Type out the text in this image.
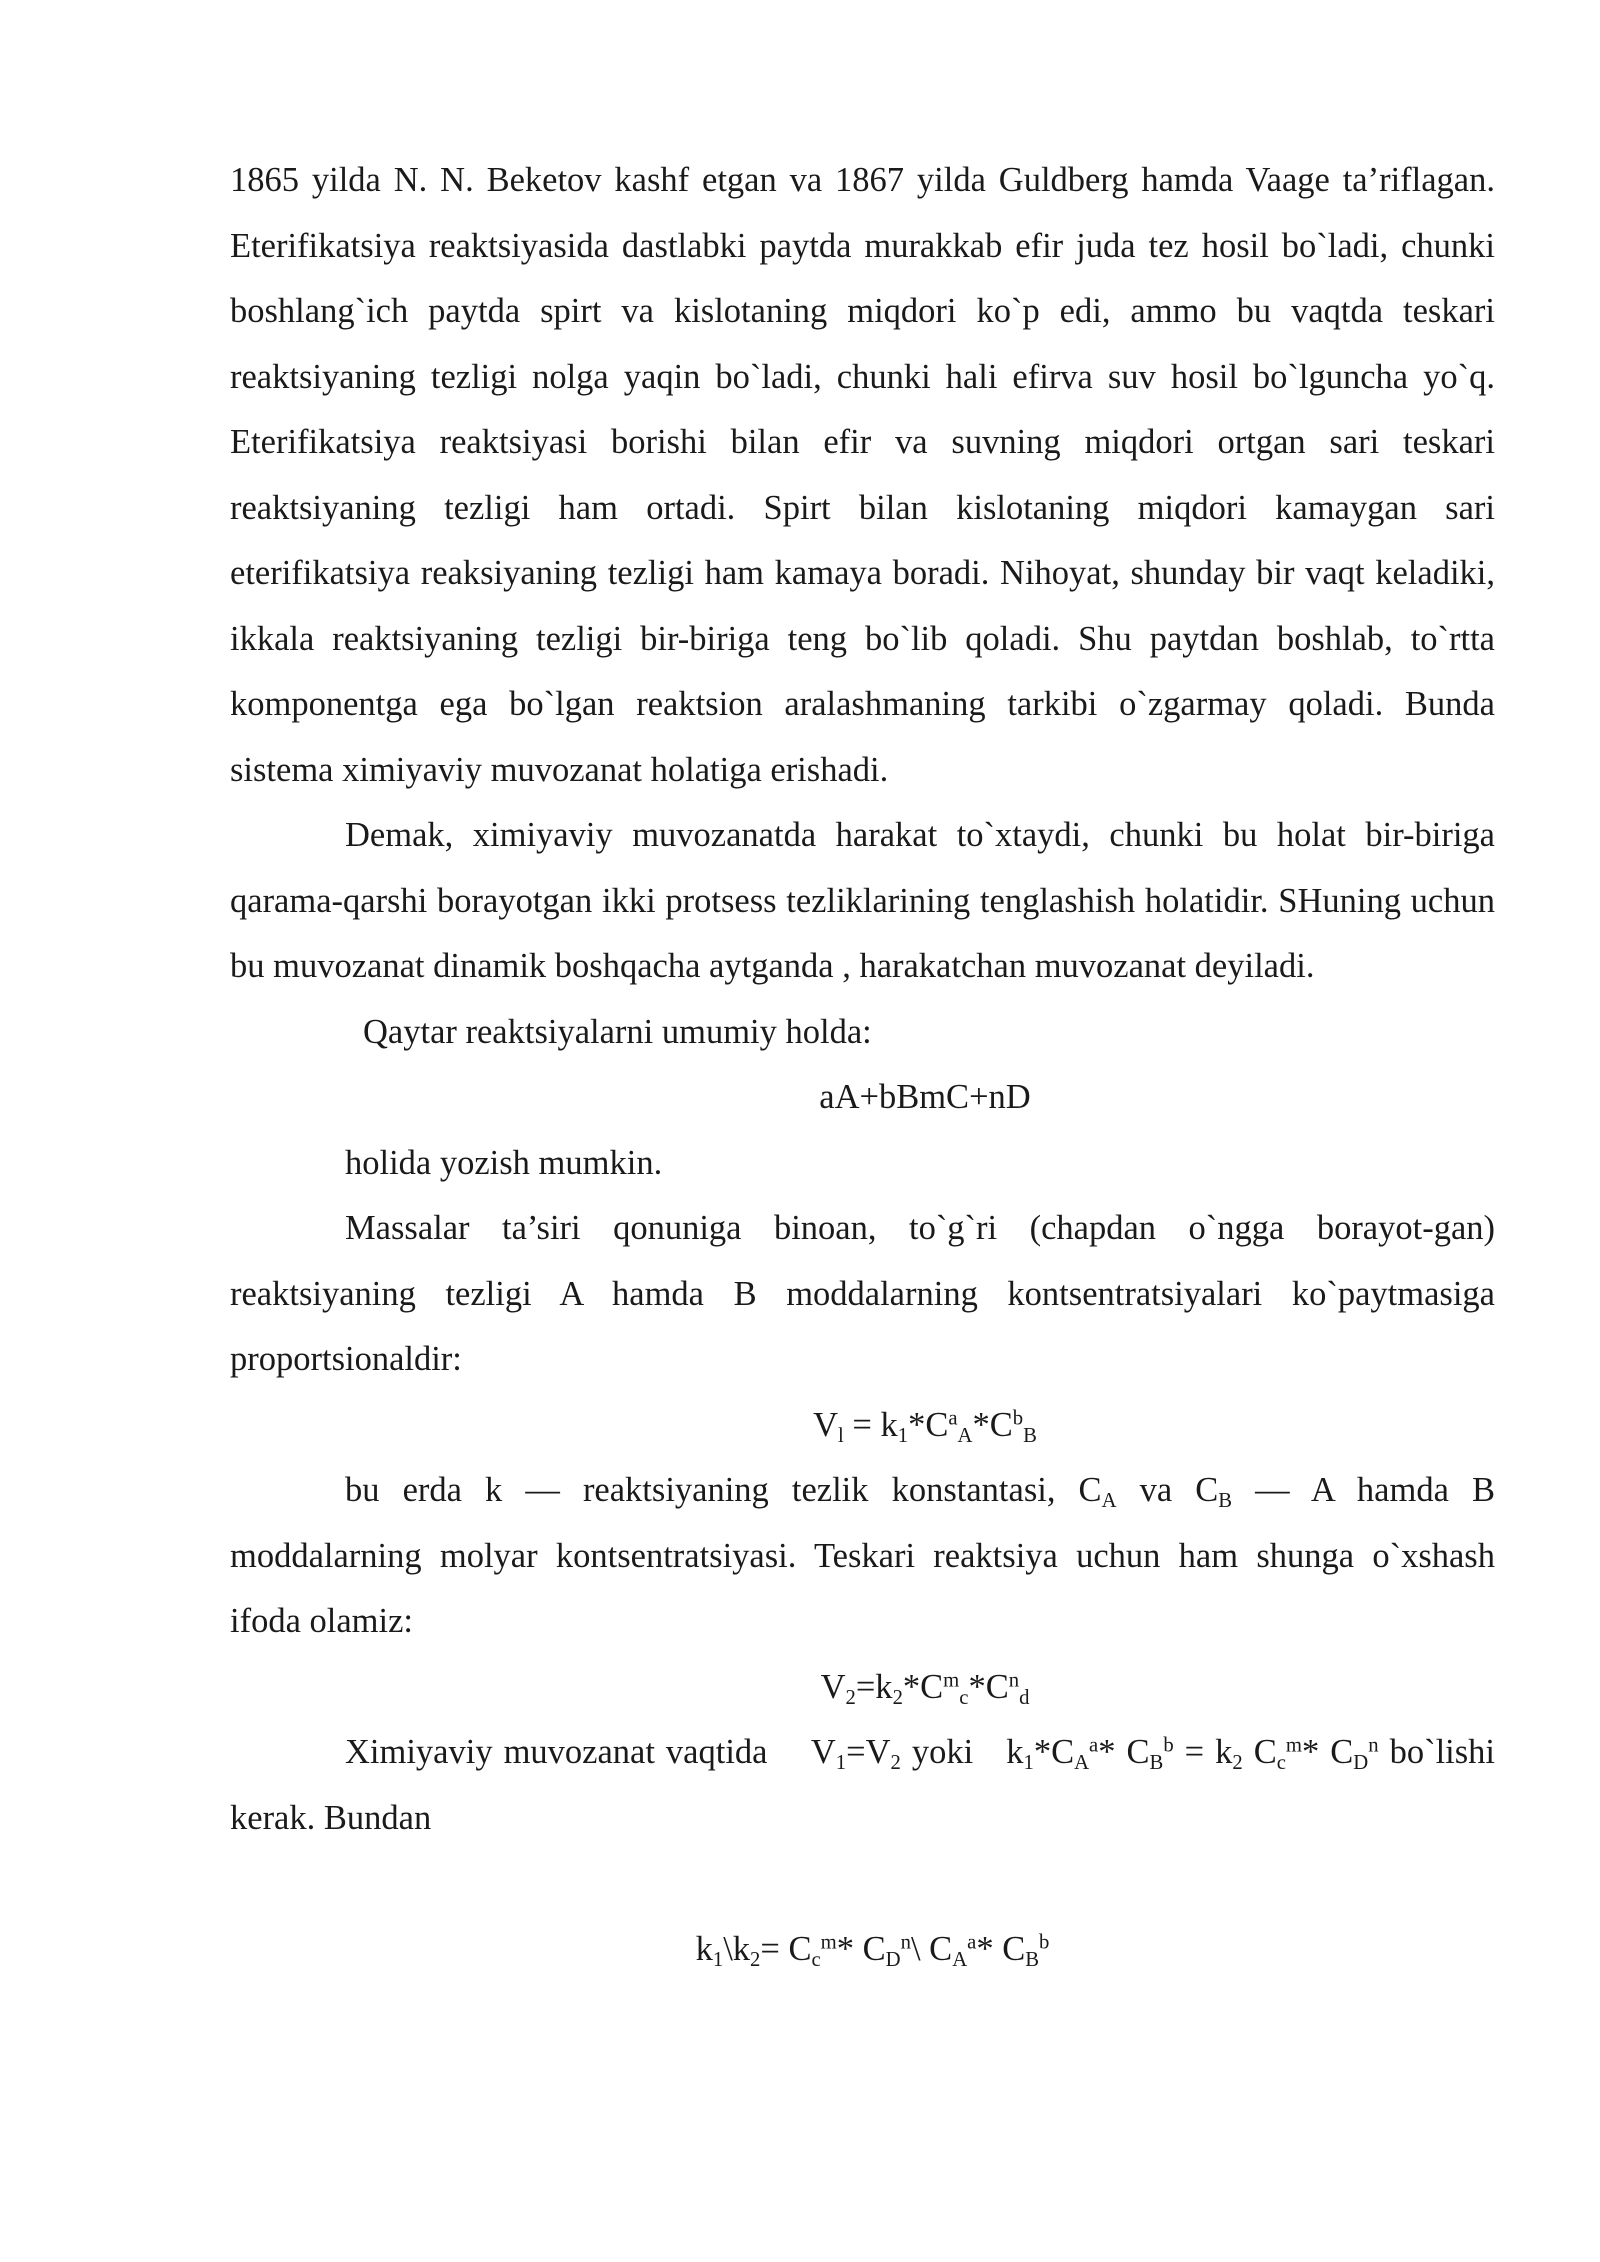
1865 yilda N. N. Beketov kashf etgan va 1867 yilda Guldberg hamda Vaage ta’riflagan. Eterifikatsiya reaktsiyasida dastlabki paytda murakkab efir juda tez hosil bo`ladi, chunki boshlang`ich paytda spirt va kislotaning miqdori ko`p edi, ammo bu vaqtda teskari reaktsiyaning tezligi nolga yaqin bo`ladi, chunki hali efirva suv hosil bo`lguncha yo`q. Eterifikatsiya reaktsiyasi borishi bilan efir va suvning miqdori ortgan sari teskari reaktsiyaning tezligi ham ortadi. Spirt bilan kislotaning miqdori kamaygan sari eterifikatsiya reaksiyaning tezligi ham kamaya boradi. Nihoyat, shunday bir vaqt keladiki, ikkala reaktsiyaning tezligi bir-biriga teng bo`lib qoladi. Shu paytdan boshlab, to`rtta komponentga ega bo`lgan reaktsion aralashmaning tarkibi o`zgarmay qoladi. Bunda sistema ximiyaviy muvozanat holatiga erishadi.

Demak, ximiyaviy muvozanatda harakat to`xtaydi, chunki bu holat bir-biriga qarama-qarshi borayotgan ikki protsess tezliklarining tenglashish holatidir. SHuning uchun bu muvozanat dinamik boshqacha aytganda , harakatchan muvozanat deyiladi.

Qaytar reaktsiyalarni umumiy holda:

aA+bBmC+nD

holida yozish mumkin.

Massalar ta’siri qonuniga binoan, to`g`ri (chapdan o`ngga borayot-gan) reaktsiyaning tezligi A hamda B moddalarning kontsentratsiyalari ko`paytmasiga proportsionaldir:

$V_l = k_1*C^a_A*C^b_B$

bu erda k — reaktsiyaning tezlik konstantasi, $C_A$ va $C_B$ — A hamda B moddalarning molyar kontsentratsiyasi. Teskari reaktsiya uchun ham shunga o`xshash ifoda olamiz:

$V_2=k_2*C^m_c*C^n_d$

Ximiyaviy muvozanat vaqtida    $V_1=V_2$ yoki   $k_1*C_A^a*$ $C_B^b = k_2$ $C_c^m*$ $C_D^n$ bo`lishi kerak. Bundan

$k_1\backslash k_2= C_c^m*$ $C_D^n\backslash$ $C_A^a*$ $C_B^b$
